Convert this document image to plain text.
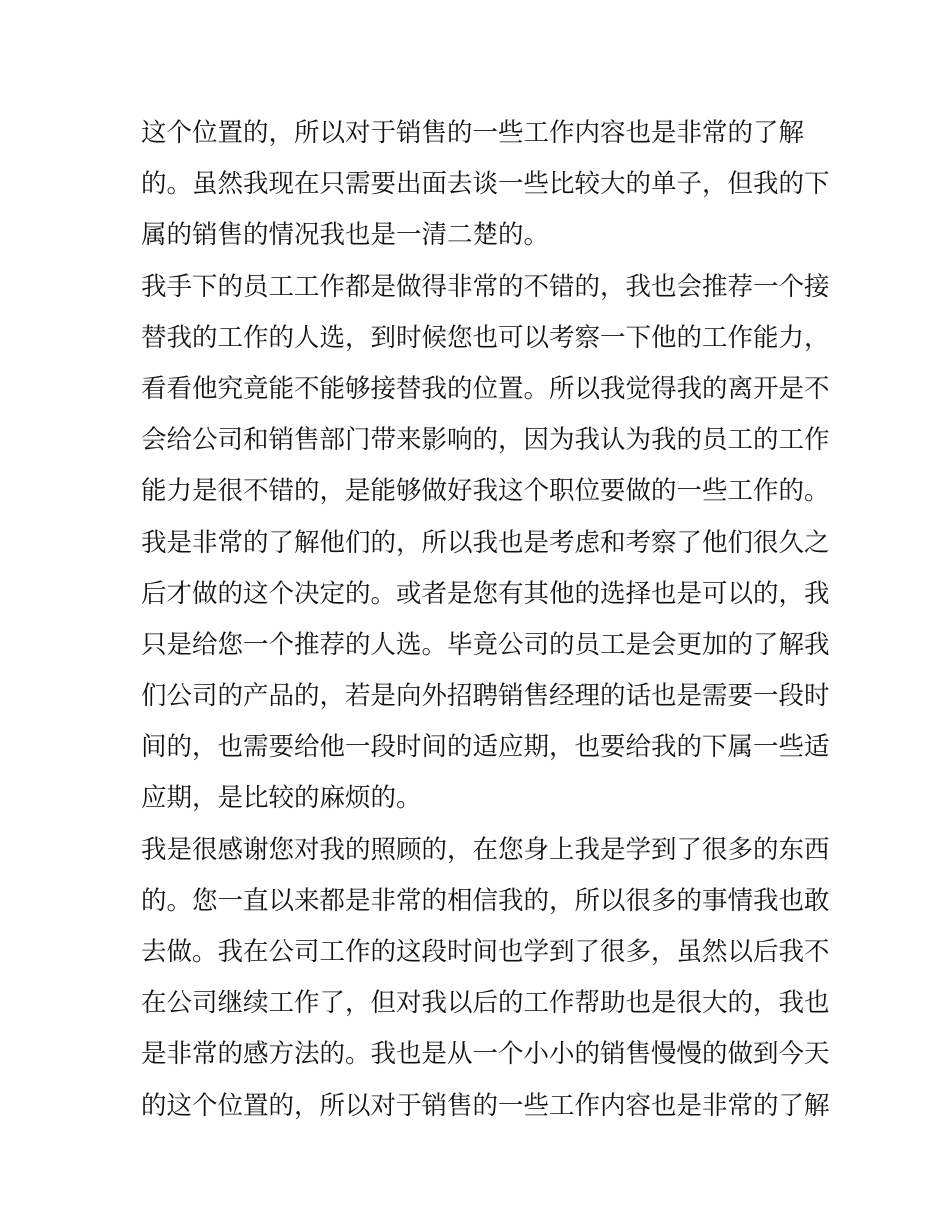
这个位置的，所以对于销售的一些工作内容也是非常的了解
的。虽然我现在只需要出面去谈一些比较大的单子，但我的下
属的销售的情况我也是一清二楚的。
我手下的员工工作都是做得非常的不错的，我也会推荐一个接
替我的工作的人选，到时候您也可以考察一下他的工作能力，
看看他究竟能不能够接替我的位置。所以我觉得我的离开是不
会给公司和销售部门带来影响的，因为我认为我的员工的工作
能力是很不错的，是能够做好我这个职位要做的一些工作的。
我是非常的了解他们的，所以我也是考虑和考察了他们很久之
后才做的这个决定的。或者是您有其他的选择也是可以的，我
只是给您一个推荐的人选。毕竟公司的员工是会更加的了解我
们公司的产品的，若是向外招聘销售经理的话也是需要一段时
间的，也需要给他一段时间的适应期，也要给我的下属一些适
应期，是比较的麻烦的。
我是很感谢您对我的照顾的，在您身上我是学到了很多的东西
的。您一直以来都是非常的相信我的，所以很多的事情我也敢
去做。我在公司工作的这段时间也学到了很多，虽然以后我不
在公司继续工作了，但对我以后的工作帮助也是很大的，我也
是非常的感方法的。我也是从一个小小的销售慢慢的做到今天
的这个位置的，所以对于销售的一些工作内容也是非常的了解
